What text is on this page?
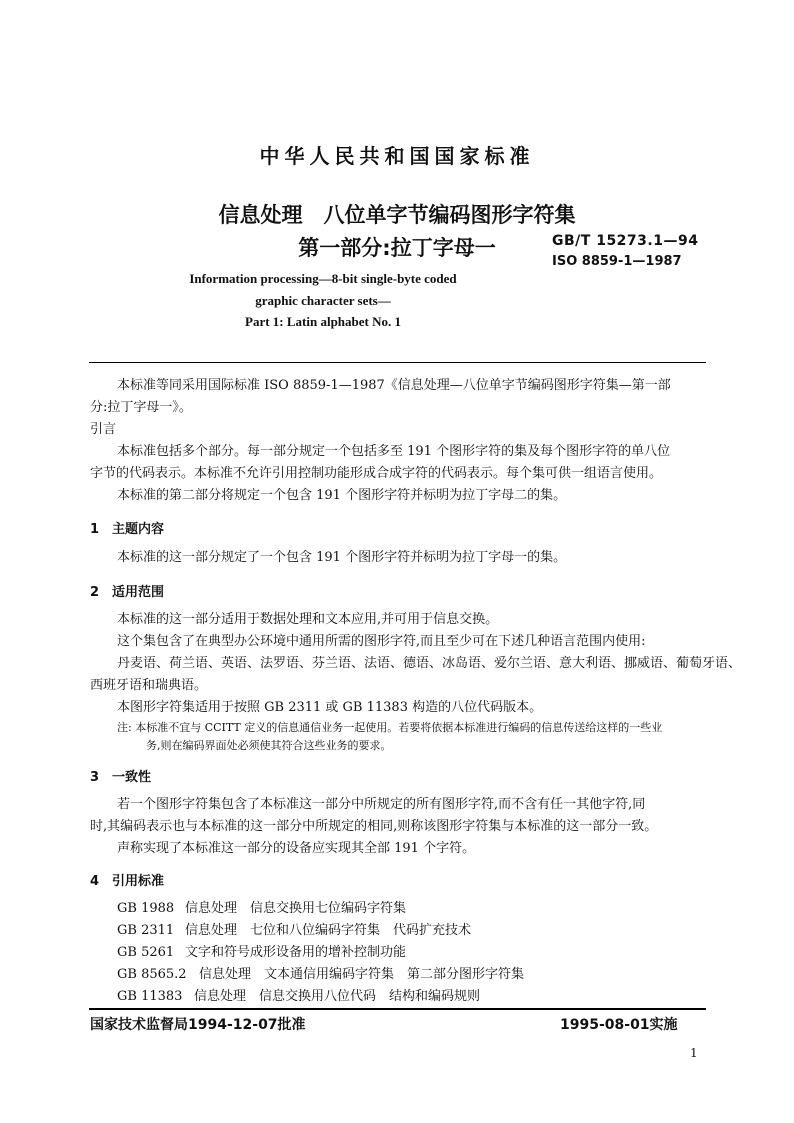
中华人民共和国国家标准
信息处理　八位单字节编码图形字符集
第一部分:拉丁字母一	GB/T 15273.1—94
ISO 8859-1—1987
Information processing—8-bit single-byte coded
graphic character sets—
Part 1: Latin alphabet No. 1
本标准等同采用国际标准 ISO 8859-1—1987《信息处理—八位单字节编码图形字符集—第一部
分:拉丁字母一》。
引言
本标准包括多个部分。每一部分规定一个包括多至 191 个图形字符的集及每个图形字符的单八位
字节的代码表示。本标准不允许引用控制功能形成合成字符的代码表示。每个集可供一组语言使用。
本标准的第二部分将规定一个包含 191 个图形字符并标明为拉丁字母二的集。
1 主题内容
本标准的这一部分规定了一个包含 191 个图形字符并标明为拉丁字母一的集。
2 适用范围
本标准的这一部分适用于数据处理和文本应用,并可用于信息交换。
这个集包含了在典型办公环境中通用所需的图形字符,而且至少可在下述几种语言范围内使用:
丹麦语、荷兰语、英语、法罗语、芬兰语、法语、德语、冰岛语、爱尔兰语、意大利语、挪威语、葡萄牙语、
西班牙语和瑞典语。
本图形字符集适用于按照 GB 2311 或 GB 11383 构造的八位代码版本。
注: 本标准不宜与 CCITT 定义的信息通信业务一起使用。若要将依据本标准进行编码的信息传送给这样的一些业
务,则在编码界面处必须使其符合这些业务的要求。
3 一致性
若一个图形字符集包含了本标准这一部分中所规定的所有图形字符,而不含有任一其他字符,同
时,其编码表示也与本标准的这一部分中所规定的相同,则称该图形字符集与本标准的这一部分一致。
声称实现了本标准这一部分的设备应实现其全部 191 个字符。
4 引用标准
GB 1988 信息处理　信息交换用七位编码字符集
GB 2311 信息处理　七位和八位编码字符集　代码扩充技术
GB 5261 文字和符号成形设备用的增补控制功能
GB 8565.2 信息处理　文本通信用编码字符集　第二部分图形字符集
GB 11383 信息处理　信息交换用八位代码　结构和编码规则
国家技术监督局1994-12-07批准	1995-08-01实施
1
